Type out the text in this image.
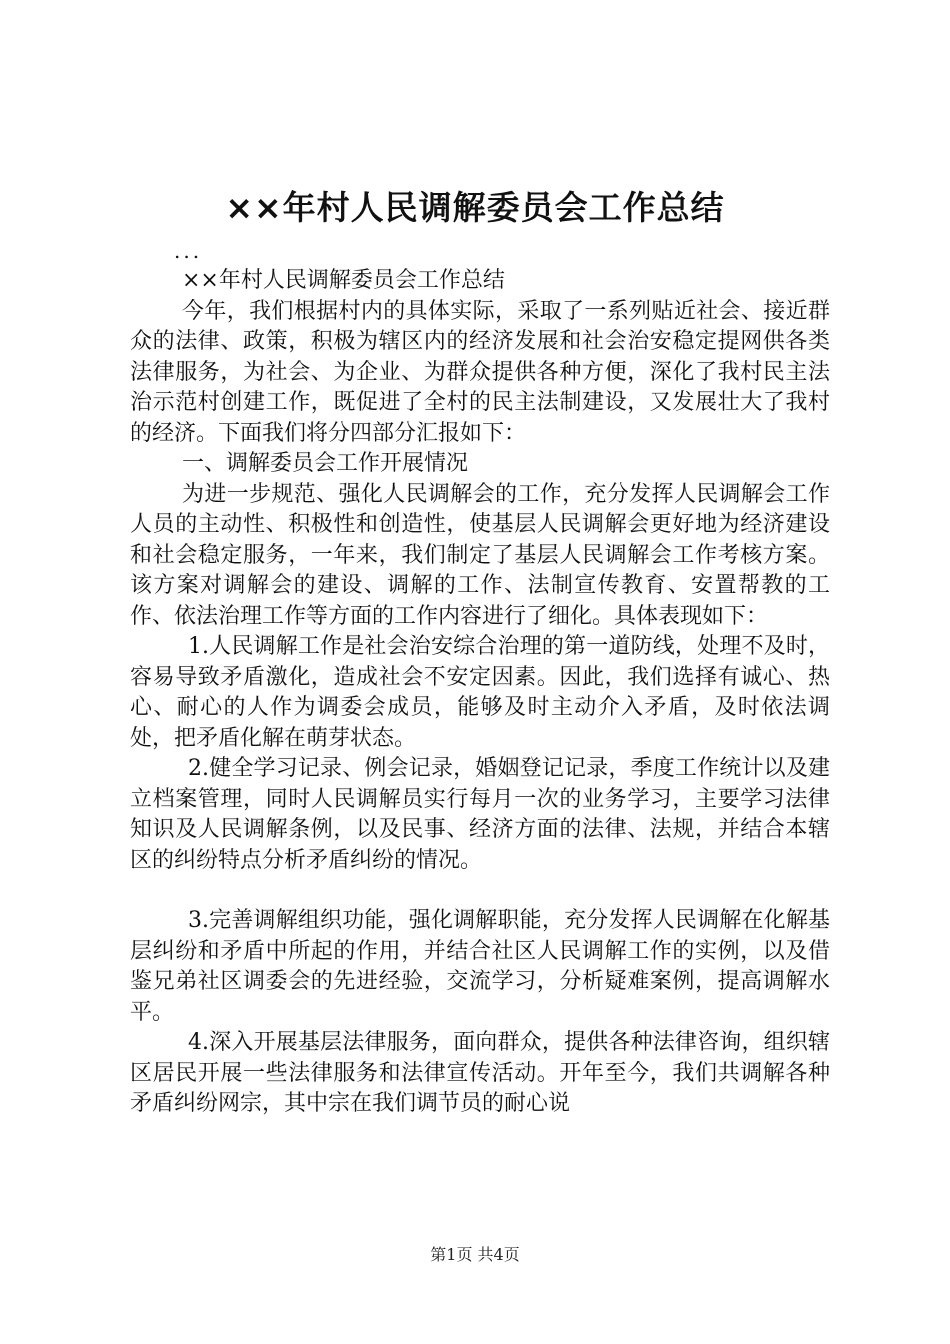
××年村人民调解委员会工作总结

...

××年村人民调解委员会工作总结

今年，我们根据村内的具体实际，采取了一系列贴近社会、接近群众的法律、政策，积极为辖区内的经济发展和社会治安稳定提网供各类法律服务，为社会、为企业、为群众提供各种方便，深化了我村民主法治示范村创建工作，既促进了全村的民主法制建设，又发展壮大了我村的经济。下面我们将分四部分汇报如下：

一、调解委员会工作开展情况

为进一步规范、强化人民调解会的工作，充分发挥人民调解会工作人员的主动性、积极性和创造性，使基层人民调解会更好地为经济建设和社会稳定服务，一年来，我们制定了基层人民调解会工作考核方案。该方案对调解会的建设、调解的工作、法制宣传教育、安置帮教的工作、依法治理工作等方面的工作内容进行了细化。具体表现如下：

1.人民调解工作是社会治安综合治理的第一道防线，处理不及时，容易导致矛盾激化，造成社会不安定因素。因此，我们选择有诚心、热心、耐心的人作为调委会成员，能够及时主动介入矛盾，及时依法调处，把矛盾化解在萌芽状态。

2.健全学习记录、例会记录，婚姻登记记录，季度工作统计以及建立档案管理，同时人民调解员实行每月一次的业务学习，主要学习法律知识及人民调解条例，以及民事、经济方面的法律、法规，并结合本辖区的纠纷特点分析矛盾纠纷的情况。

3.完善调解组织功能，强化调解职能，充分发挥人民调解在化解基层纠纷和矛盾中所起的作用，并结合社区人民调解工作的实例，以及借鉴兄弟社区调委会的先进经验，交流学习，分析疑难案例，提高调解水平。

4.深入开展基层法律服务，面向群众，提供各种法律咨询，组织辖区居民开展一些法律服务和法律宣传活动。开年至今，我们共调解各种矛盾纠纷网宗，其中宗在我们调节员的耐心说

第1页 共4页
